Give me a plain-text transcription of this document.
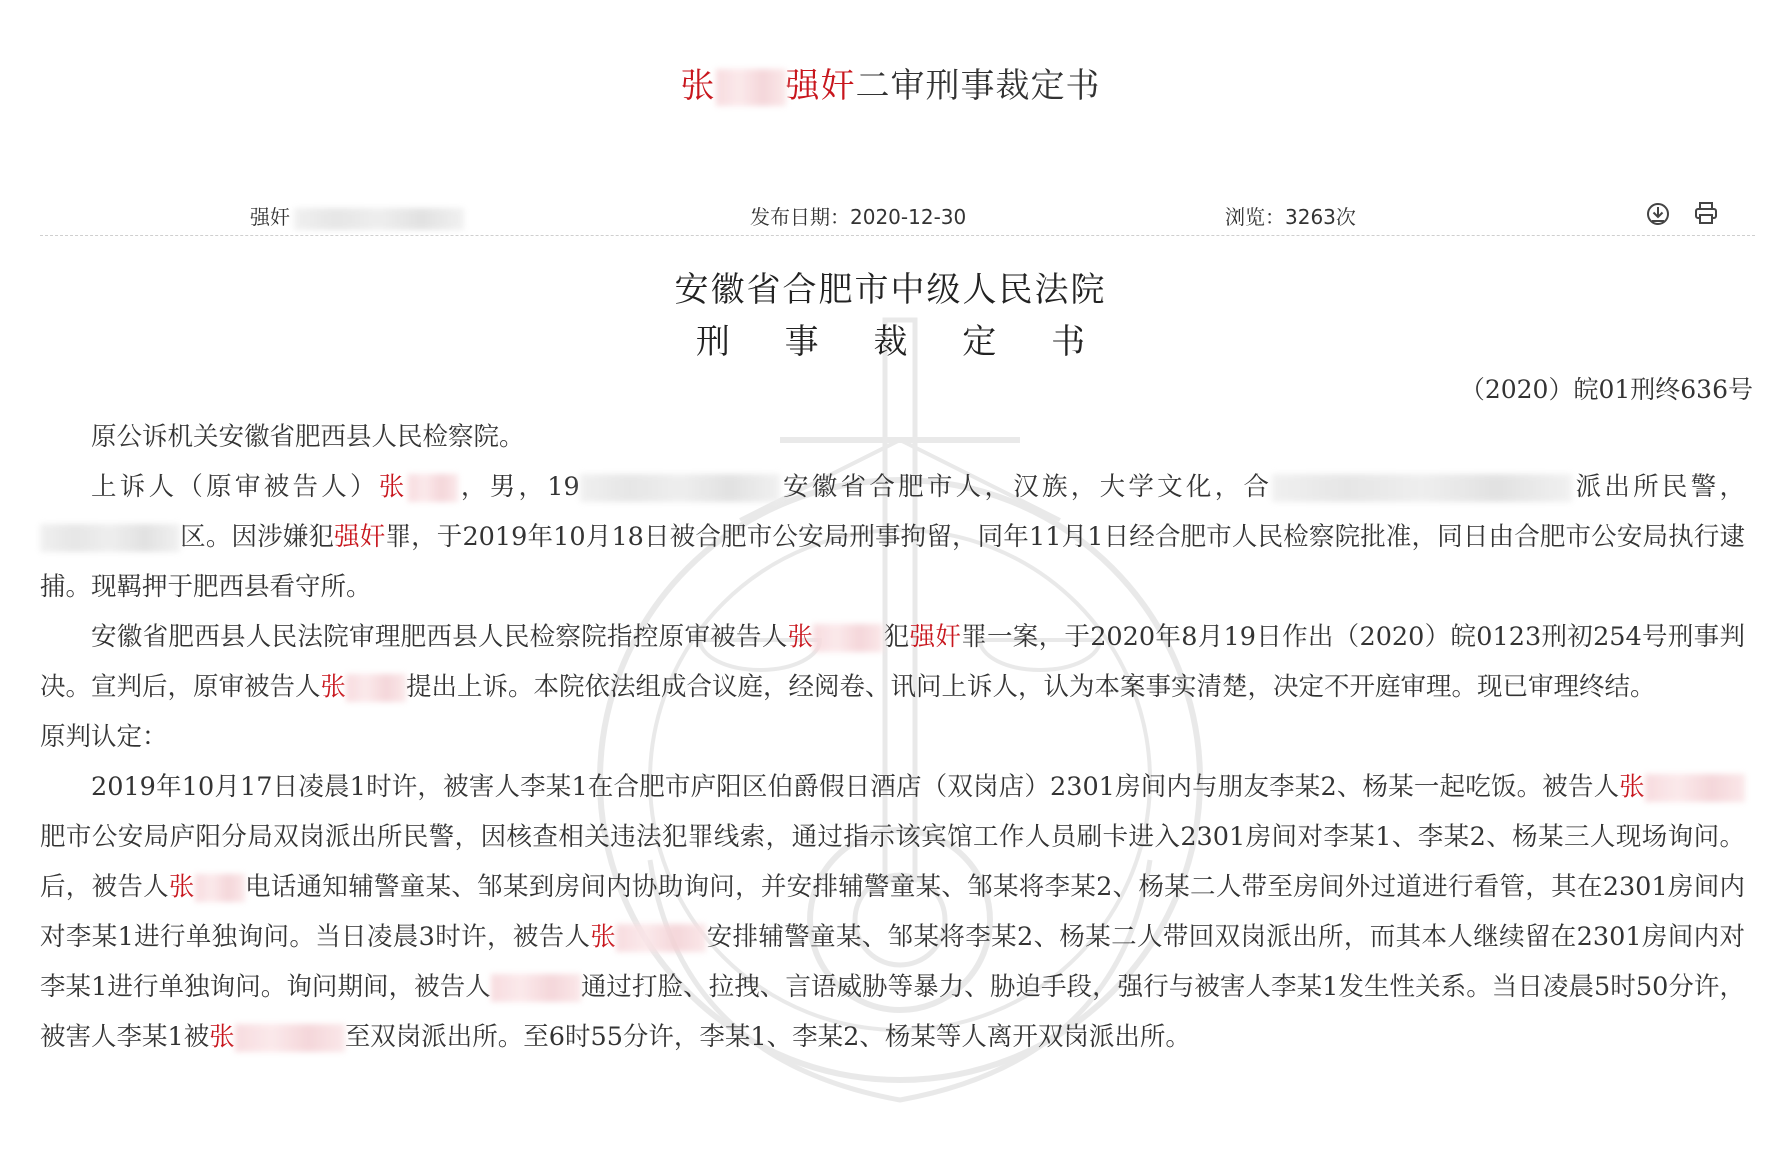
张 强奸二审刑事裁定书
强奸	发布日期：2020-12-30	浏览：3263次

安徽省合肥市中级人民法院
刑 事 裁 定 书
（2020）皖01刑终636号

原公诉机关安徽省肥西县人民检察院。

上诉人（原审被告人）张 ，男，19	安徽省合肥市人，汉族，大学文化，合	派出所民警，区。因涉嫌犯强奸罪，于2019年10月18日被合肥市公安局刑事拘留，同年11月1日经合肥市人民检察院批准，同日由合肥市公安局执行逮捕。现羁押于肥西县看守所。

安徽省肥西县人民法院审理肥西县人民检察院指控原审被告人张	犯强奸罪一案，于2020年8月19日作出（2020）皖0123刑初254号刑事判决。宣判后，原审被告人张 提出上诉。本院依法组成合议庭，经阅卷、讯问上诉人，认为本案事实清楚，决定不开庭审理。现已审理终结。

原判认定：

2019年10月17日凌晨1时许，被害人李某1在合肥市庐阳区伯爵假日酒店（双岗店）2301房间内与朋友李某2、杨某一起吃饭。被告人张肥市公安局庐阳分局双岗派出所民警，因核查相关违法犯罪线索，通过指示该宾馆工作人员刷卡进入2301房间对李某1、李某2、杨某三人现场询问。后，被告人张 电话通知辅警童某、邹某到房间内协助询问，并安排辅警童某、邹某将李某2、杨某二人带至房间外过道进行看管，其在2301房间内对李某1进行单独询问。当日凌晨3时许，被告人张	安排辅警童某、邹某将李某2、杨某二人带回双岗派出所，而其本人继续留在2301房间内对李某1进行单独询问。询问期间，被告人	通过打脸、拉拽、言语威胁等暴力、胁迫手段，强行与被害人李某1发生性关系。当日凌晨5时50分许，被害人李某1被张	至双岗派出所。至6时55分许，李某1、李某2、杨某等人离开双岗派出所。
